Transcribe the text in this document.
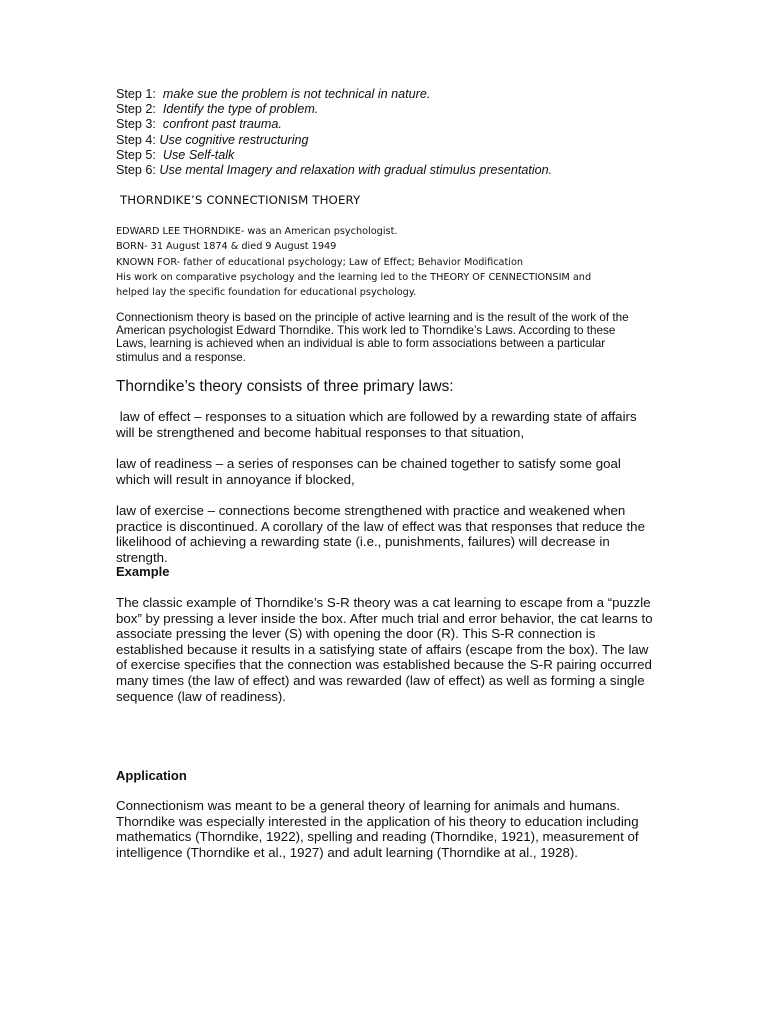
Step 1:  make sue the problem is not technical in nature.
Step 2:  Identify the type of problem.
Step 3:  confront past trauma.
Step 4: Use cognitive restructuring
Step 5:  Use Self-talk
Step 6: Use mental Imagery and relaxation with gradual stimulus presentation.
THORNDIKE’S CONNECTIONISM THOERY
EDWARD LEE THORNDIKE- was an American psychologist.
BORN- 31 August 1874 & died 9 August 1949
KNOWN FOR- father of educational psychology; Law of Effect; Behavior Modification
His work on comparative psychology and the learning led to the THEORY OF CENNECTIONSIM and
helped lay the specific foundation for educational psychology.

Connectionism theory is based on the principle of active learning and is the result of the work of the American psychologist Edward Thorndike. This work led to Thorndike’s Laws. According to these Laws, learning is achieved when an individual is able to form associations between a particular stimulus and a response.

Thorndike’s theory consists of three primary laws:

law of effect – responses to a situation which are followed by a rewarding state of affairs will be strengthened and become habitual responses to that situation,

law of readiness – a series of responses can be chained together to satisfy some goal which will result in annoyance if blocked,

law of exercise – connections become strengthened with practice and weakened when practice is discontinued. A corollary of the law of effect was that responses that reduce the likelihood of achieving a rewarding state (i.e., punishments, failures) will decrease in strength.

Example

The classic example of Thorndike’s S-R theory was a cat learning to escape from a “puzzle box” by pressing a lever inside the box. After much trial and error behavior, the cat learns to associate pressing the lever (S) with opening the door (R). This S-R connection is established because it results in a satisfying state of affairs (escape from the box). The law of exercise specifies that the connection was established because the S-R pairing occurred many times (the law of effect) and was rewarded (law of effect) as well as forming a single sequence (law of readiness).

Application

Connectionism was meant to be a general theory of learning for animals and humans. Thorndike was especially interested in the application of his theory to education including mathematics (Thorndike, 1922), spelling and reading (Thorndike, 1921), measurement of intelligence (Thorndike et al., 1927) and adult learning (Thorndike at al., 1928).
